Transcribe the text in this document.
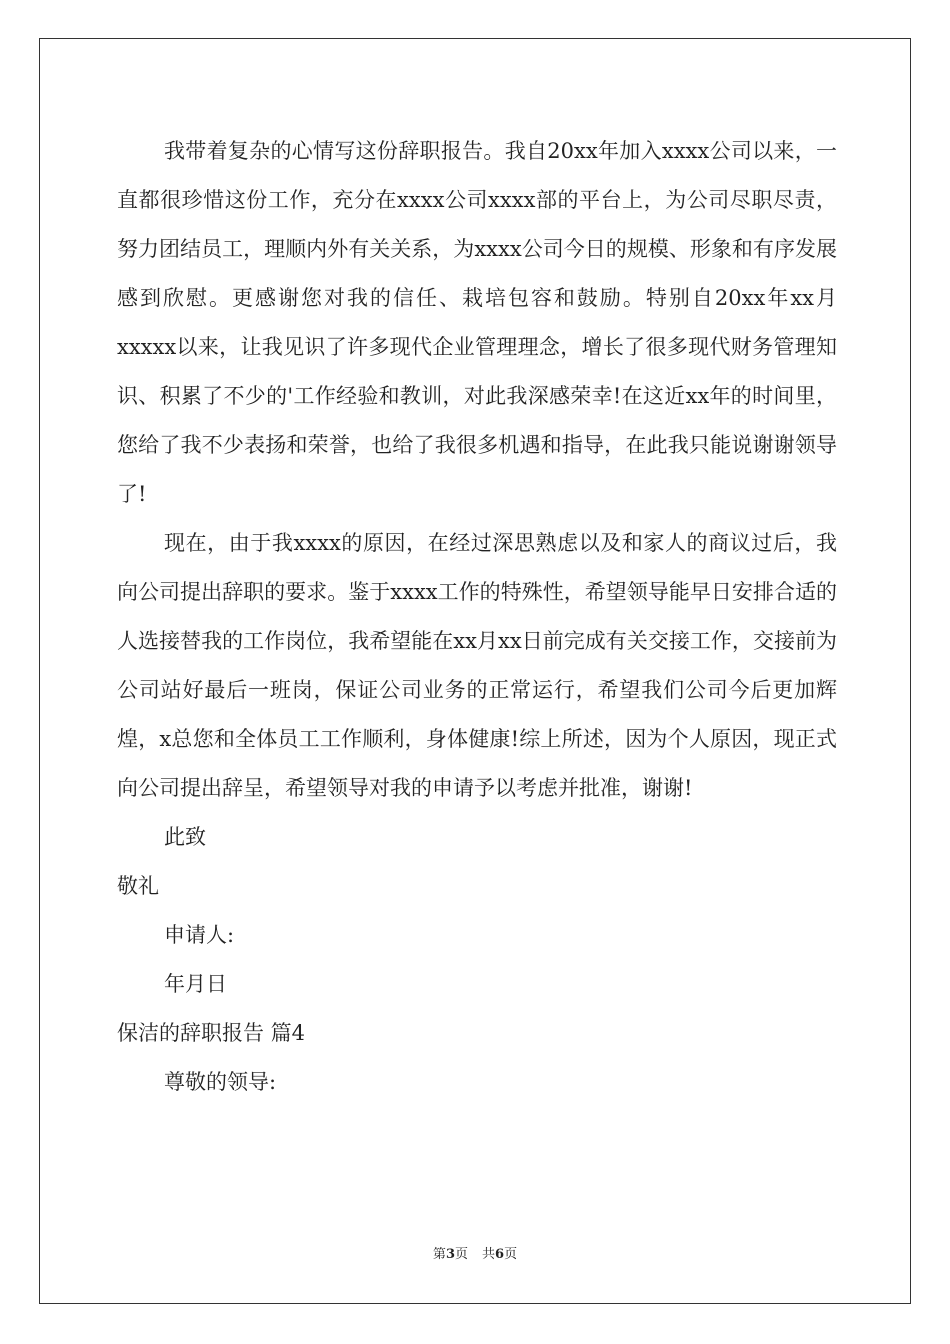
我带着复杂的心情写这份辞职报告。我自20xx年加入xxxx公司以来，一直都很珍惜这份工作，充分在xxxx公司xxxx部的平台上，为公司尽职尽责，努力团结员工，理顺内外有关关系，为xxxx公司今日的规模、形象和有序发展感到欣慰。更感谢您对我的信任、栽培包容和鼓励。特别自20xx年xx月xxxxx以来，让我见识了许多现代企业管理理念，增长了很多现代财务管理知识、积累了不少的'工作经验和教训，对此我深感荣幸!在这近xx年的时间里，您给了我不少表扬和荣誉，也给了我很多机遇和指导，在此我只能说谢谢领导了!

现在，由于我xxxx的原因，在经过深思熟虑以及和家人的商议过后，我向公司提出辞职的要求。鉴于xxxx工作的特殊性，希望领导能早日安排合适的人选接替我的工作岗位，我希望能在xx月xx日前完成有关交接工作，交接前为公司站好最后一班岗，保证公司业务的正常运行，希望我们公司今后更加辉煌，x总您和全体员工工作顺利，身体健康!综上所述，因为个人原因，现正式向公司提出辞呈，希望领导对我的申请予以考虑并批准，谢谢!

此致

敬礼

申请人:

年月日

保洁的辞职报告 篇4

尊敬的领导:

第3页 共6页
